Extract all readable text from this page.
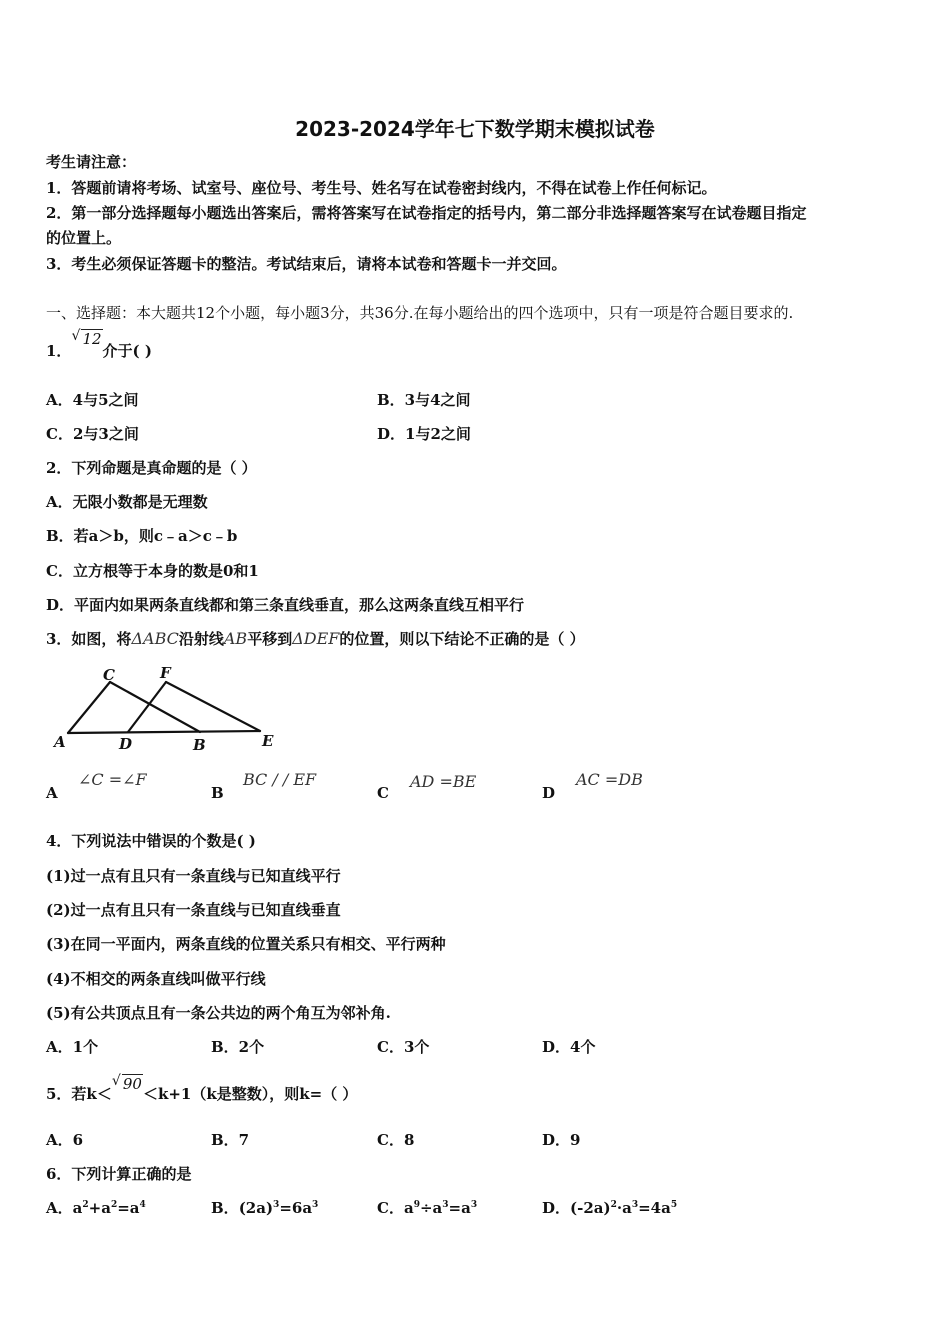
2023-2024学年七下数学期末模拟试卷
考生请注意：
1．答题前请将考场、试室号、座位号、考生号、姓名写在试卷密封线内，不得在试卷上作任何标记。
2．第一部分选择题每小题选出答案后，需将答案写在试卷指定的括号内，第二部分非选择题答案写在试卷题目指定
的位置上。
3．考生必须保证答题卡的整洁。考试结束后，请将本试卷和答题卡一并交回。
一、选择题：本大题共12个小题，每小题3分，共36分.在每小题给出的四个选项中，只有一项是符合题目要求的.
1．
√ 12介于( )
A．4与5之间	B．3与4之间
C．2与3之间	D．1与2之间
2．下列命题是真命题的是（ ）
A．无限小数都是无理数
B．若a＞b，则c﹣a＞c﹣b
C．立方根等于本身的数是0和1
D．平面内如果两条直线都和第三条直线垂直，那么这两条直线互相平行
3．如图，将ΔABC沿射线AB平移到ΔDEF的位置，则以下结论不正确的是（ ）
A
C	F
D	B	E
A
∠C =∠F
B
BC / / EF
C
AD =BE
D
AC =DB
4．下列说法中错误的个数是( )
(1)过一点有且只有一条直线与已知直线平行
(2)过一点有且只有一条直线与已知直线垂直
(3)在同一平面内，两条直线的位置关系只有相交、平行两种
(4)不相交的两条直线叫做平行线
(5)有公共顶点且有一条公共边的两个角互为邻补角.
A．1个	B．2个	C．3个	D．4个
5．若k＜
√ 90＜k+1（k是整数），则k=（ ）
A．6	B．7	C．8	D．9
6．下列计算正确的是
A．$a^2+a^2=a^4$	B．$(2a)^3=6a^3$	C．$a^9\div a^3=a^3$	D．$(-2a)^2\cdot a^3=4a^5$
